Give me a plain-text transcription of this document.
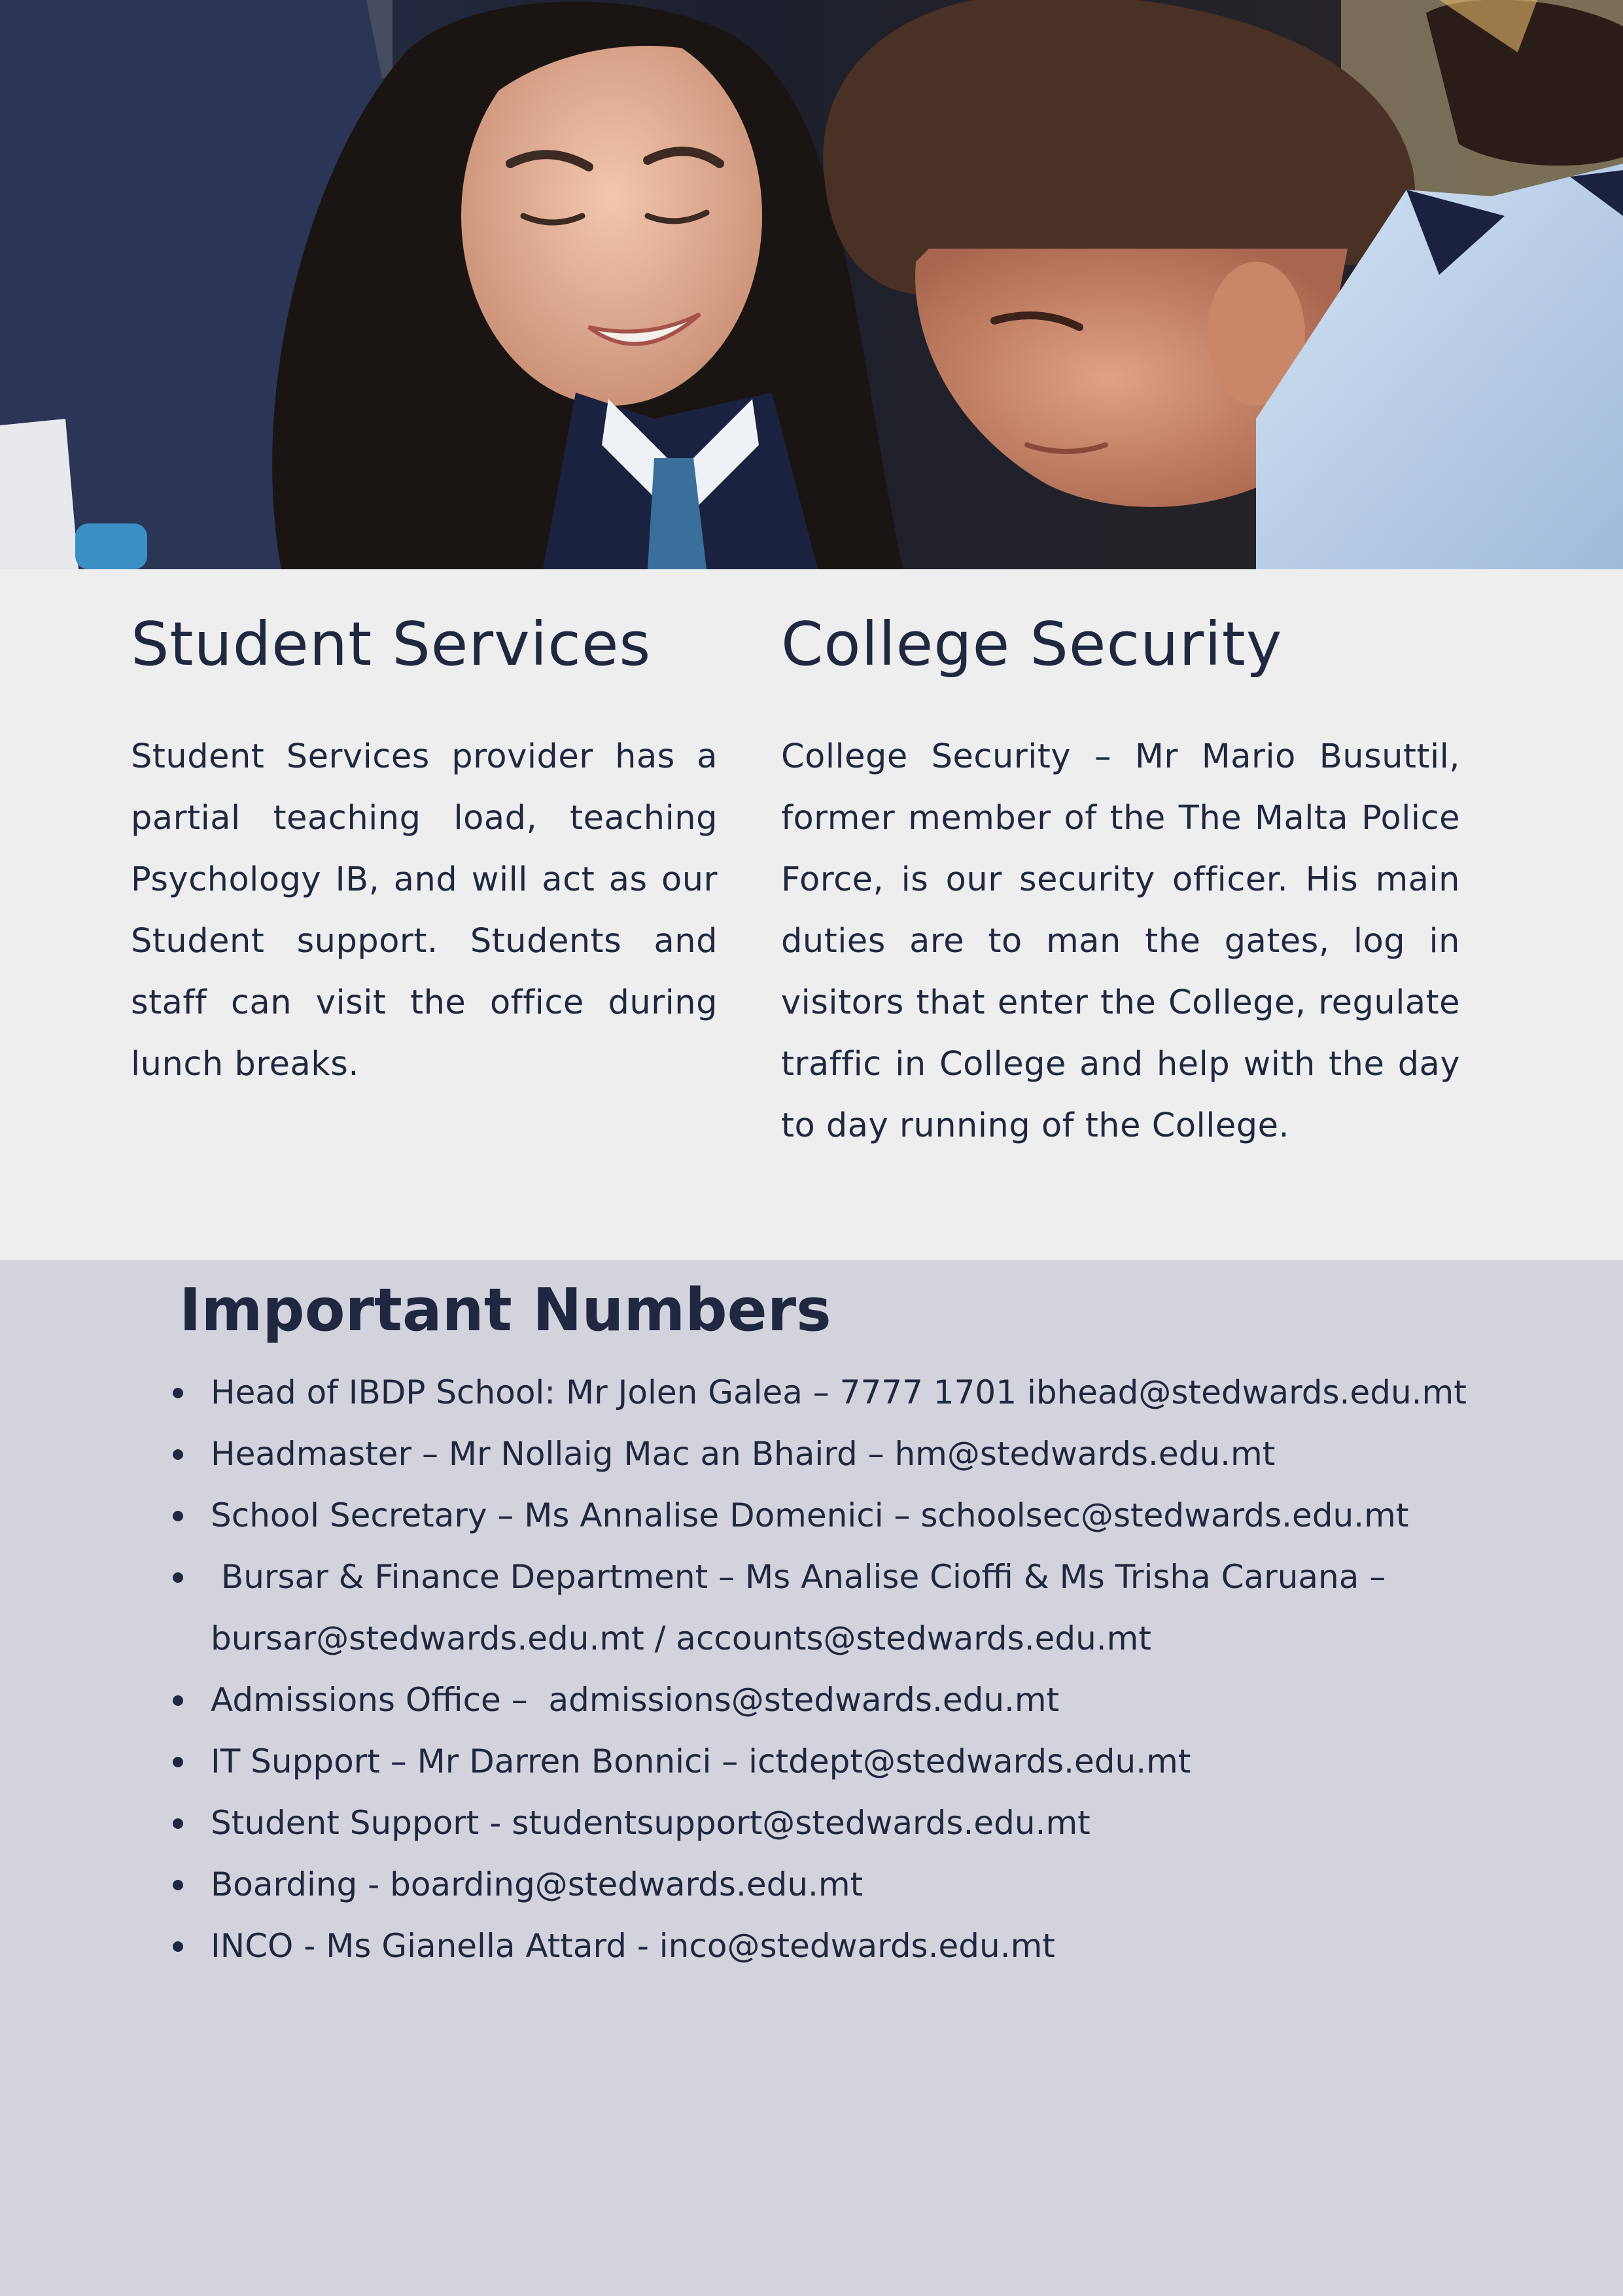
Student Services

Student Services provider has a partial teaching load, teaching Psychology IB, and will act as our Student support. Students and staff can visit the office during lunch breaks.

College Security

College Security – Mr Mario Busuttil, former member of the The Malta Police Force, is our security officer. His main duties are to man the gates, log in visitors that enter the College, regulate traffic in College and help with the day to day running of the College.

Important Numbers
Head of IBDP School: Mr Jolen Galea – 7777 1701 ibhead@stedwards.edu.mt
Headmaster – Mr Nollaig Mac an Bhaird – hm@stedwards.edu.mt
School Secretary – Ms Annalise Domenici – schoolsec@stedwards.edu.mt
Bursar & Finance Department – Ms Analise Cioffi & Ms Trisha Caruana –
bursar@stedwards.edu.mt / accounts@stedwards.edu.mt
Admissions Office –  admissions@stedwards.edu.mt
IT Support – Mr Darren Bonnici – ictdept@stedwards.edu.mt
Student Support - studentsupport@stedwards.edu.mt
Boarding - boarding@stedwards.edu.mt
INCO - Ms Gianella Attard - inco@stedwards.edu.mt
